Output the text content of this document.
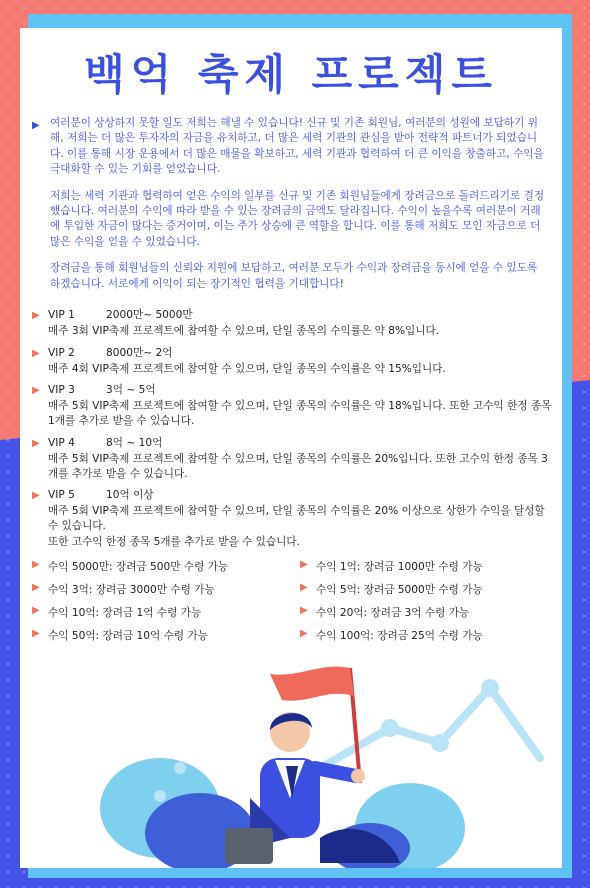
백억 축제 프로젝트

▶ 여러분이 상상하지 못할 일도 저희는 해낼 수 있습니다! 신규 및 기존 회원님, 여러분의 성원에 보답하기 위해, 저희는 더 많은 투자자의 자금을 유치하고, 더 많은 세력 기관의 관심을 받아 전략적 파트너가 되었습니다. 이를 통해 시장 운용에서 더 많은 매물을 확보하고, 세력 기관과 협력하여 더 큰 이익을 창출하고, 수익을 극대화할 수 있는 기회를 얻었습니다.

저희는 세력 기관과 협력하여 얻은 수익의 일부를 신규 및 기존 회원님들에게 장려금으로 돌려드리기로 결정했습니다. 여러분의 수익에 따라 받을 수 있는 장려금의 금액도 달라집니다. 수익이 높을수록 여러분이 거래에 투입한 자금이 많다는 증거이며, 이는 주가 상승에 큰 역할을 합니다. 이를 통해 저희도 모인 자금으로 더 많은 수익을 얻을 수 있었습니다.

장려금을 통해 회원님들의 신뢰와 지원에 보답하고, 여러분 모두가 수익과 장려금을 동시에 얻을 수 있도록 하겠습니다. 서로에게 이익이 되는 장기적인 협력을 기대합니다!

▶ VIP 1	2000만~ 5000만
매주 3회 VIP축제 프로젝트에 참여할 수 있으며, 단일 종목의 수익률은 약 8%입니다.
▶ VIP 2	8000만~ 2억
매주 4회 VIP축제 프로젝트에 참여할 수 있으며, 단일 종목의 수익률은 약 15%입니다.
▶ VIP 3	3억 ~ 5억
매주 5회 VIP축제 프로젝트에 참여할 수 있으며, 단일 종목의 수익률은 약 18%입니다. 또한 고수익 한정 종목 1개를 추가로 받을 수 있습니다.
▶ VIP 4	8억 ~ 10억
매주 5회 VIP축제 프로젝트에 참여할 수 있으며, 단일 종목의 수익률은 20%입니다. 또한 고수익 한정 종목 3개를 추가로 받을 수 있습니다.
▶ VIP 5	10억 이상
매주 5회 VIP축제 프로젝트에 참여할 수 있으며, 단일 종목의 수익률은 20% 이상으로 상한가 수익을 달성할 수 있습니다.
또한 고수익 한정 종목 5개를 추가로 받을 수 있습니다.
▶ 수익 5000만: 장려금 500만 수령 가능	▶ 수익 1억: 장려금 1000만 수령 가능
▶ 수익 3억: 장려금 3000만 수령 가능	▶ 수익 5억: 장려금 5000만 수령 가능
▶ 수익 10억: 장려금 1억 수령 가능	▶ 수익 20억: 장려금 3억 수령 가능
▶ 수익 50억: 장려금 10억 수령 가능	▶ 수익 100억: 장려금 25억 수령 가능
